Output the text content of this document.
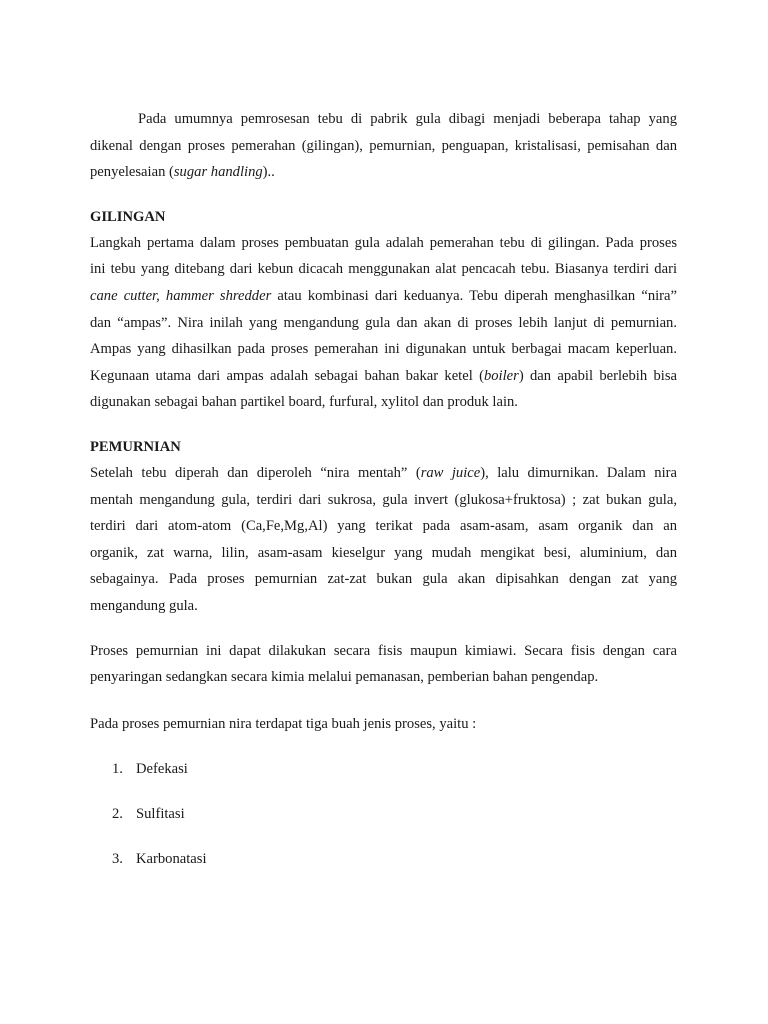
Pada umumnya pemrosesan tebu di pabrik gula dibagi menjadi beberapa tahap yang
dikenal dengan proses pemerahan (gilingan), pemurnian, penguapan, kristalisasi, pemisahan dan
penyelesaian (sugar handling)..

GILINGAN

Langkah pertama dalam proses pembuatan gula adalah pemerahan tebu di gilingan. Pada proses
ini tebu yang ditebang dari kebun dicacah menggunakan alat pencacah tebu. Biasanya terdiri dari
cane cutter, hammer shredder atau kombinasi dari keduanya. Tebu diperah menghasilkan “nira”
dan “ampas”. Nira inilah yang mengandung gula dan akan di proses lebih lanjut di pemurnian.
Ampas yang dihasilkan pada proses pemerahan ini digunakan untuk berbagai macam keperluan.
Kegunaan utama dari ampas adalah sebagai bahan bakar ketel (boiler) dan apabil berlebih bisa
digunakan sebagai bahan partikel board, furfural, xylitol dan produk lain.

PEMURNIAN

Setelah tebu diperah dan diperoleh “nira mentah” (raw juice), lalu dimurnikan. Dalam nira
mentah mengandung gula, terdiri dari sukrosa, gula invert (glukosa+fruktosa) ; zat bukan gula,
terdiri dari atom-atom (Ca,Fe,Mg,Al) yang terikat pada asam-asam, asam organik dan an
organik, zat warna, lilin, asam-asam kieselgur yang mudah mengikat besi, aluminium, dan
sebagainya. Pada proses pemurnian zat-zat bukan gula akan dipisahkan dengan zat yang
mengandung gula.

Proses pemurnian ini dapat dilakukan secara fisis maupun kimiawi. Secara fisis dengan cara
penyaringan sedangkan secara kimia melalui pemanasan, pemberian bahan pengendap.

Pada proses pemurnian nira terdapat tiga buah jenis proses, yaitu :

1. Defekasi
2. Sulfitasi
3. Karbonatasi
